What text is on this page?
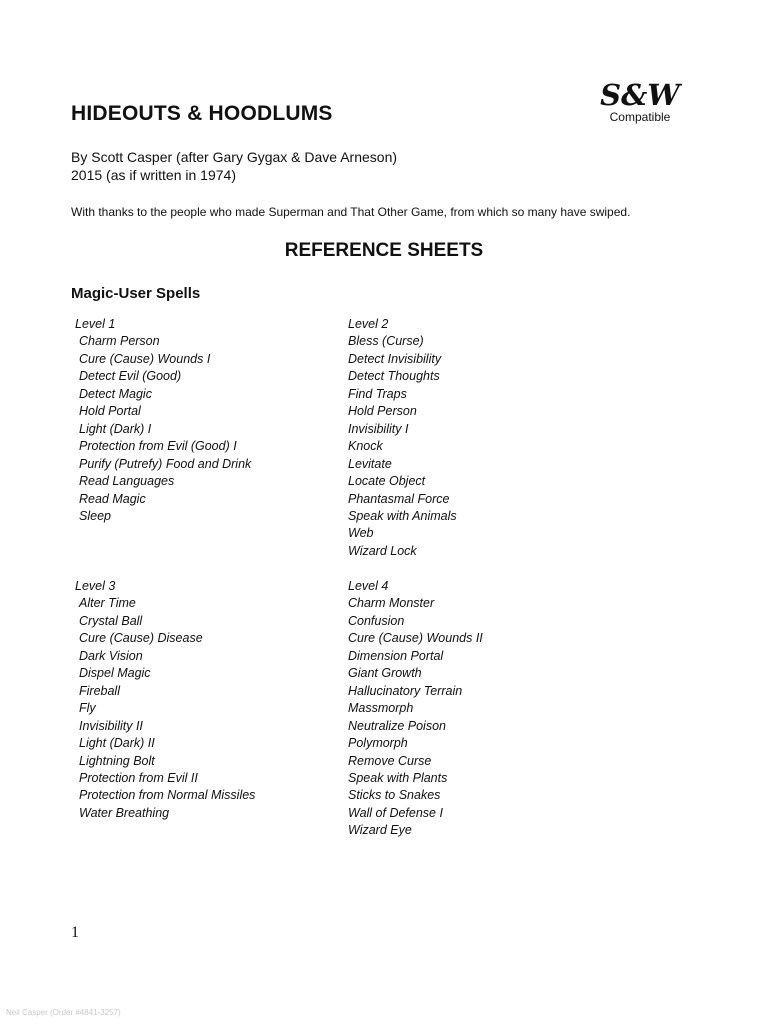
HIDEOUTS & HOODLUMS
S&W
Compatible
By Scott Casper (after Gary Gygax & Dave Arneson)
2015 (as if written in 1974)
With thanks to the people who made Superman and That Other Game, from which so many have swiped.
REFERENCE SHEETS
Magic-User Spells
Level 1
Charm Person
Cure (Cause) Wounds I
Detect Evil (Good)
Detect Magic
Hold Portal
Light (Dark) I
Protection from Evil (Good) I
Purify (Putrefy) Food and Drink
Read Languages
Read Magic
Sleep
Level 2
Bless (Curse)
Detect Invisibility
Detect Thoughts
Find Traps
Hold Person
Invisibility I
Knock
Levitate
Locate Object
Phantasmal Force
Speak with Animals
Web
Wizard Lock
Level 3
Alter Time
Crystal Ball
Cure (Cause) Disease
Dark Vision
Dispel Magic
Fireball
Fly
Invisibility II
Light (Dark) II
Lightning Bolt
Protection from Evil II
Protection from Normal Missiles
Water Breathing
Level 4
Charm Monster
Confusion
Cure (Cause) Wounds II
Dimension Portal
Giant Growth
Hallucinatory Terrain
Massmorph
Neutralize Poison
Polymorph
Remove Curse
Speak with Plants
Sticks to Snakes
Wall of Defense I
Wizard Eye
1
Neil Casper (Order #4841-3257)
